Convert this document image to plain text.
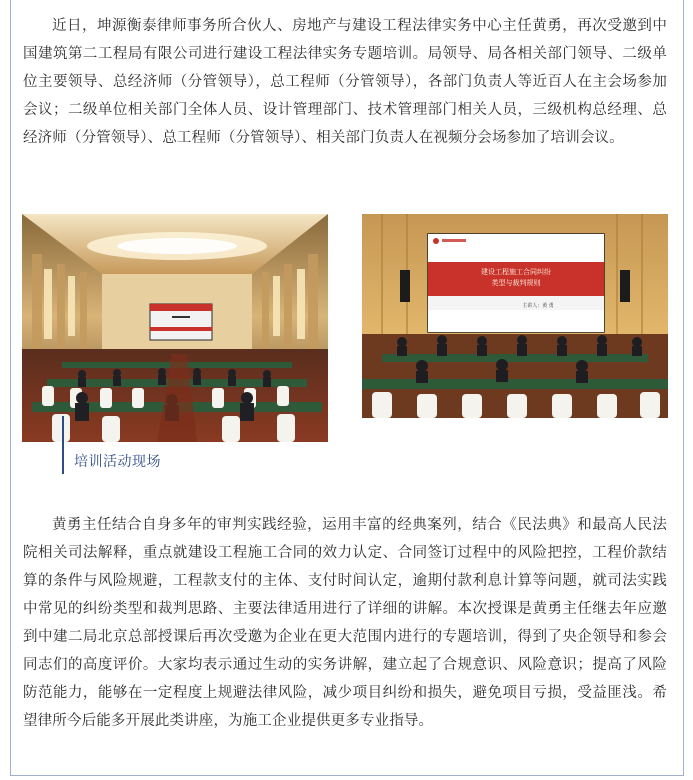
近日，坤源衡泰律师事务所合伙人、房地产与建设工程法律实务中心主任黄勇，再次受邀到中国建筑第二工程局有限公司进行建设工程法律实务专题培训。局领导、局各相关部门领导、二级单位主要领导、总经济师（分管领导），总工程师（分管领导），各部门负责人等近百人在主会场参加会议；二级单位相关部门全体人员、设计管理部门、技术管理部门相关人员，三级机构总经理、总经济师（分管领导）、总工程师（分管领导）、相关部门负责人在视频分会场参加了培训会议。

建设工程施工合同纠纷
类型与裁判规则
主讲人：黄 勇
培训活动现场

黄勇主任结合自身多年的审判实践经验，运用丰富的经典案列，结合《民法典》和最高人民法院相关司法解释，重点就建设工程施工合同的效力认定、合同签订过程中的风险把控，工程价款结算的条件与风险规避，工程款支付的主体、支付时间认定，逾期付款利息计算等问题，就司法实践中常见的纠纷类型和裁判思路、主要法律适用进行了详细的讲解。本次授课是黄勇主任继去年应邀到中建二局北京总部授课后再次受邀为企业在更大范围内进行的专题培训，得到了央企领导和参会同志们的高度评价。大家均表示通过生动的实务讲解，建立起了合规意识、风险意识；提高了风险防范能力，能够在一定程度上规避法律风险，减少项目纠纷和损失，避免项目亏损，受益匪浅。希望律所今后能多开展此类讲座，为施工企业提供更多专业指导。
